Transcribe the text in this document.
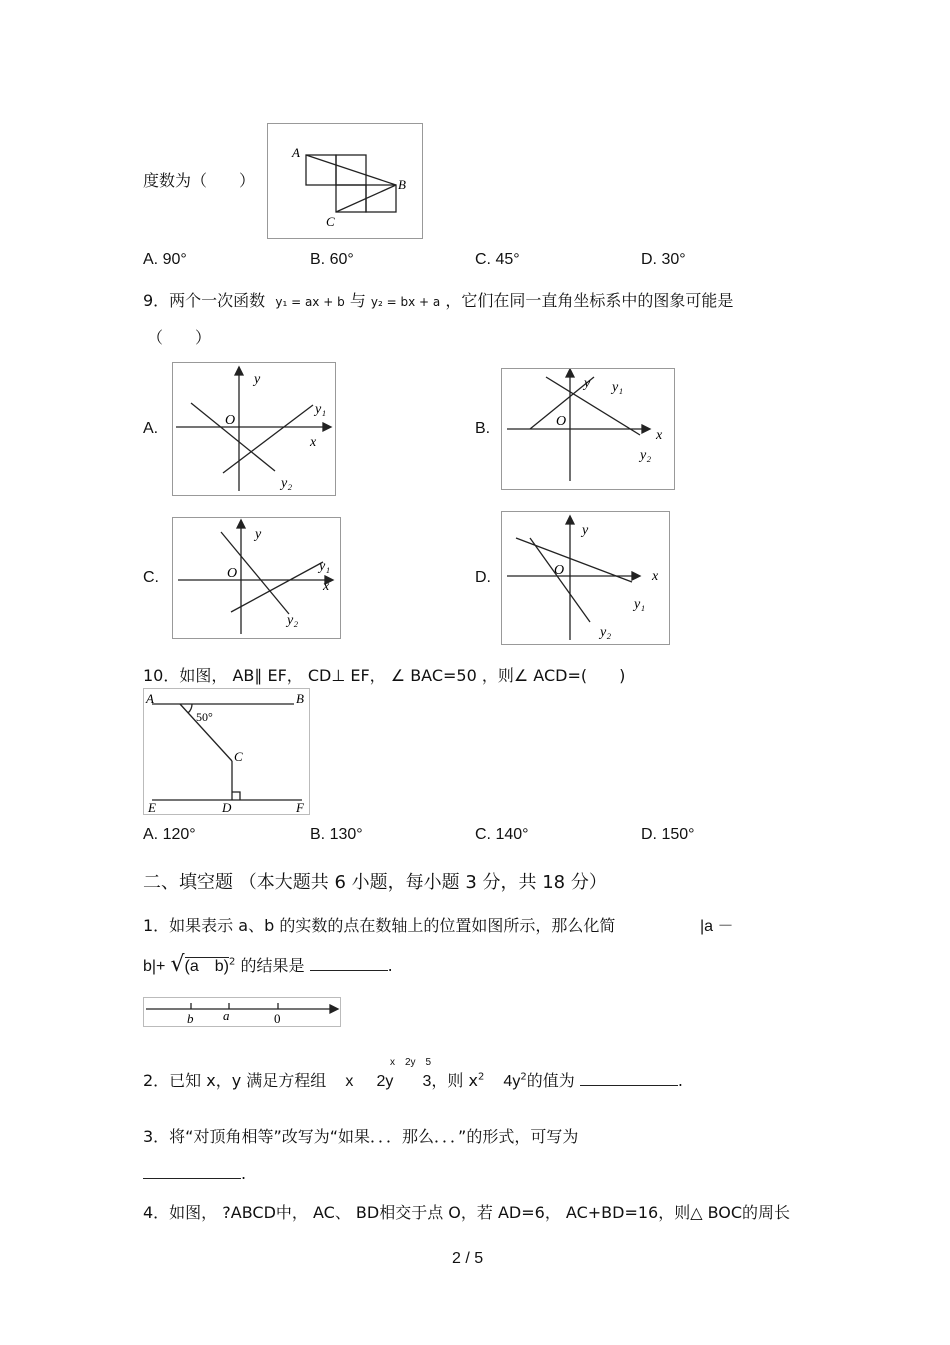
度数为（　　）
A
B
C
A. 90°	B. 60°	C. 45°	D. 30°
9．两个一次函数 y₁ = ax + b 与 y₂ = bx + a ，它们在同一直角坐标系中的图象可能是
（　　）
A.
y
O
x
y₁
y₂
B.
y
O
x
y₁
y₂
C.
y
O
x
y₁
y₂
D.
y
O	x
y₁
y₂
10．如图， AB∥ EF， CD⊥ EF， ∠ BAC=50 ，则∠ ACD=(　　)
A	B
C
D
E	F
50°
A. 120°	B. 130°	C. 140°	D. 150°
二、填空题 （本大题共 6 小题，每小题 3 分，共 18 分）
1．如果表示 a、b 的实数的点在数轴上的位置如图所示，那么化简	|a －
b|+ √(a　b)$^2$ 的结果是	.
b a	0
x　2y　5
2．已知 x，y 满足方程组 x 2y 3，则 $x^2$ $4y^2$的值为	.
3．将“对顶角相等”改写为“如果．．．那么．．．”的形式，可写为
.
4．如图， ?ABCD中， AC、 BD相交于点 O，若 AD=6， AC+BD=16，则△ BOC的周长
2 / 5
